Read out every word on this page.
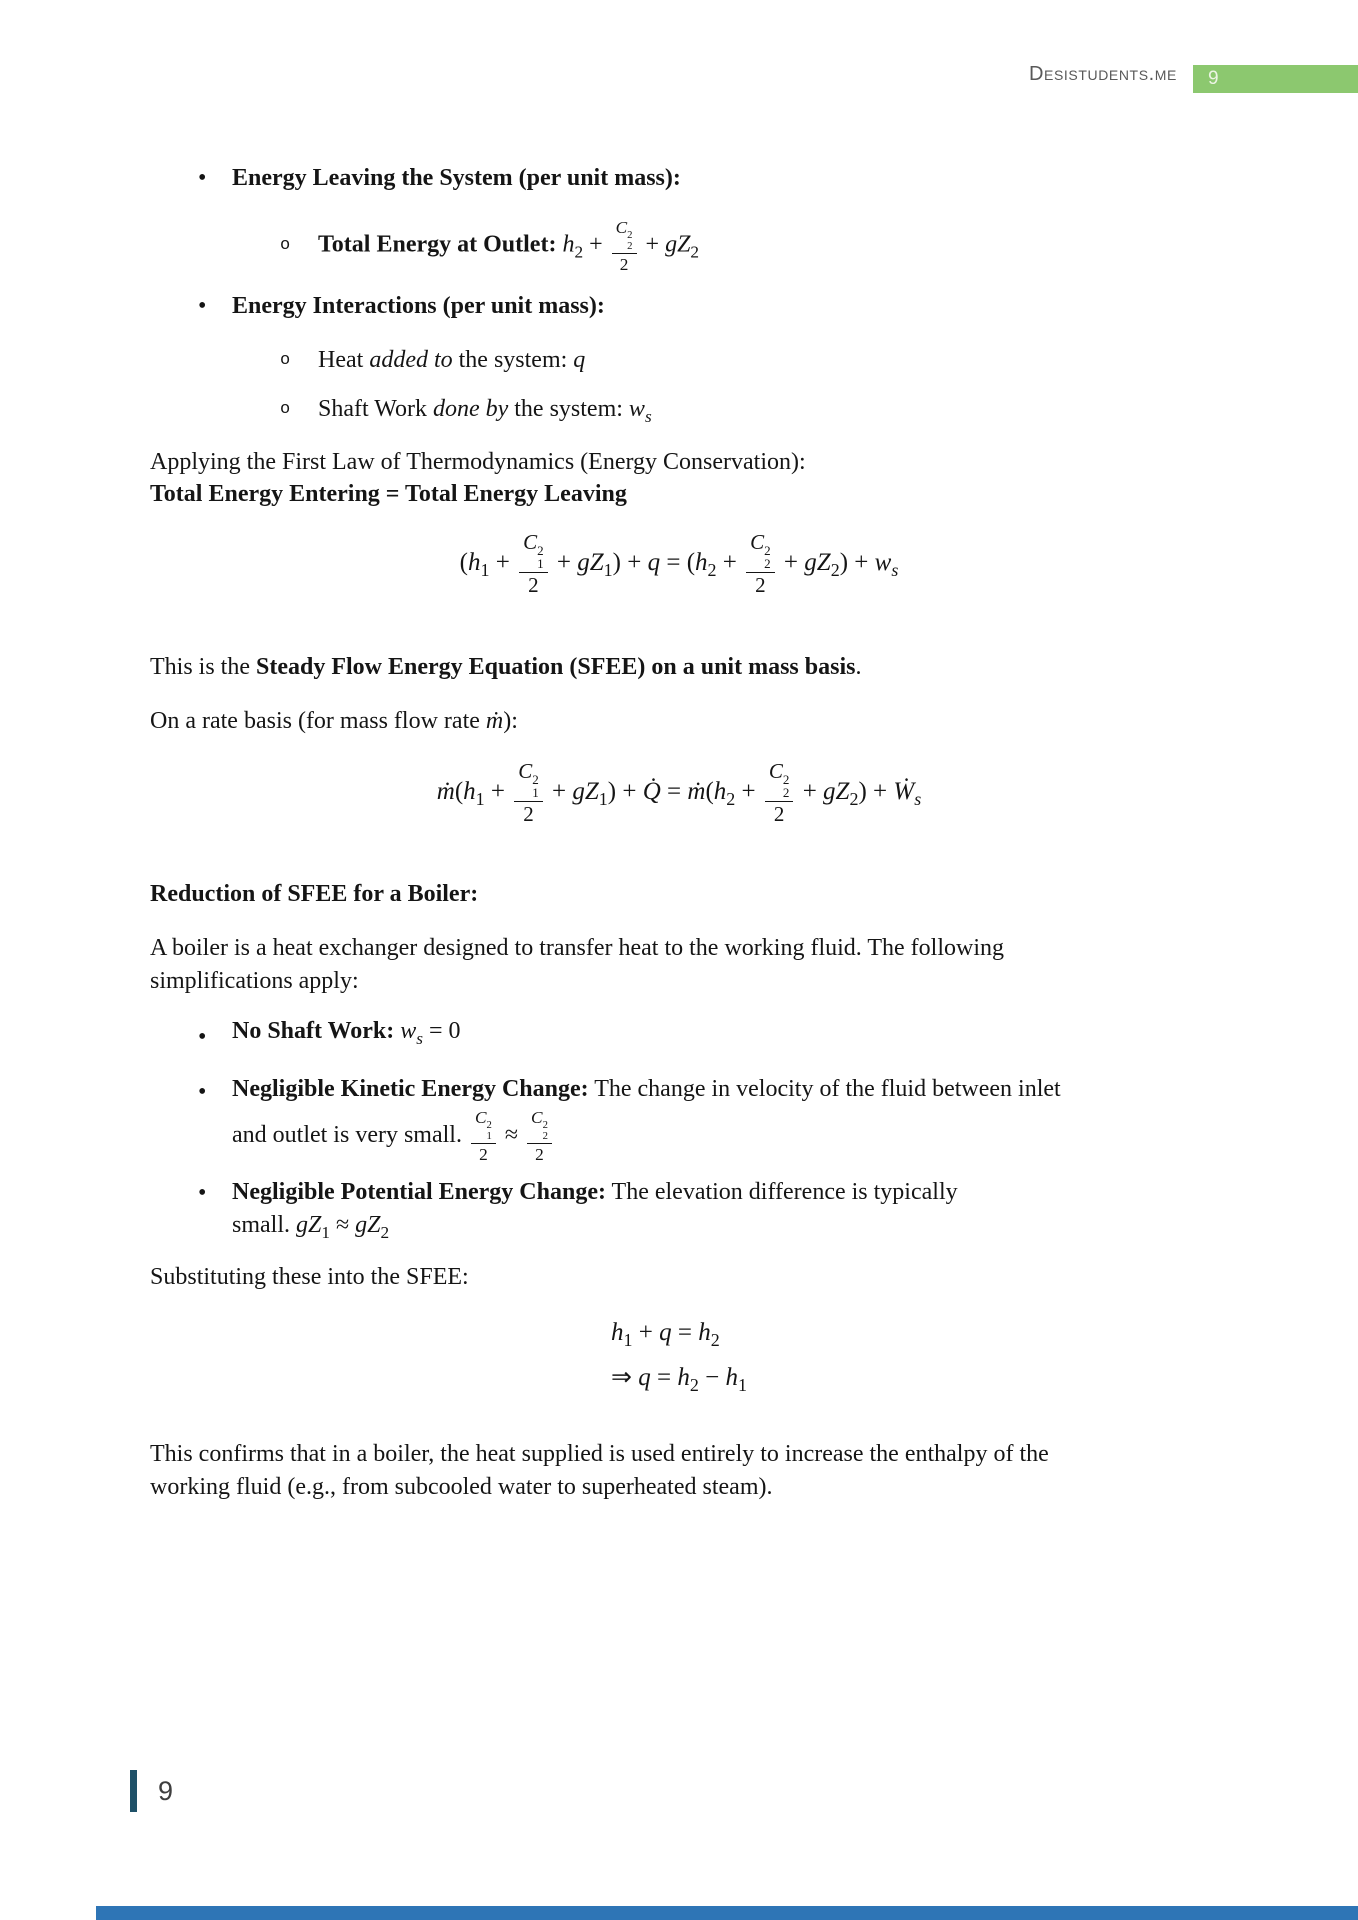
Desistudents.me	9
• Energy Leaving the System (per unit mass):
o Total Energy at Outlet: $h_2 + C$ 2
2
$2 + gZ_2$
• Energy Interactions (per unit mass):
o Heat added to the system: q
o Shaft Work done by the system: $w_s$
Applying the First Law of Thermodynamics (Energy Conservation):
Total Energy Entering = Total Energy Leaving
($h_1 + C$ 2
1
$2 + gZ_1) + q = (h_2 + C$ 2
2
$2 + gZ_2) + w_s$
This is the Steady Flow Energy Equation (SFEE) on a unit mass basis.
On a rate basis (for mass flow rate ṁ):
$ṁ(h_1 + C$ 2
1
$2 + gZ_1$) + Q̇ = $ṁ(h_2 + C$ 2
2
$2 + gZ_2$) + Ẇ$_s$
Reduction of SFEE for a Boiler:
A boiler is a heat exchanger designed to transfer heat to the working fluid. The following
simplifications apply:
• No Shaft Work: $w_s = 0$
• Negligible Kinetic Energy Change: The change in velocity of the fluid between inlet
and outlet is very small. C 2
1
2 ≈ C 2
2
2
• Negligible Potential Energy Change: The elevation difference is typically
small. $gZ_1 \approx gZ_2$
Substituting these into the SFEE:
$h_1 + q = h_2$
⇒ $q = h_2 - h_1$
This confirms that in a boiler, the heat supplied is used entirely to increase the enthalpy of the
working fluid (e.g., from subcooled water to superheated steam).
9
